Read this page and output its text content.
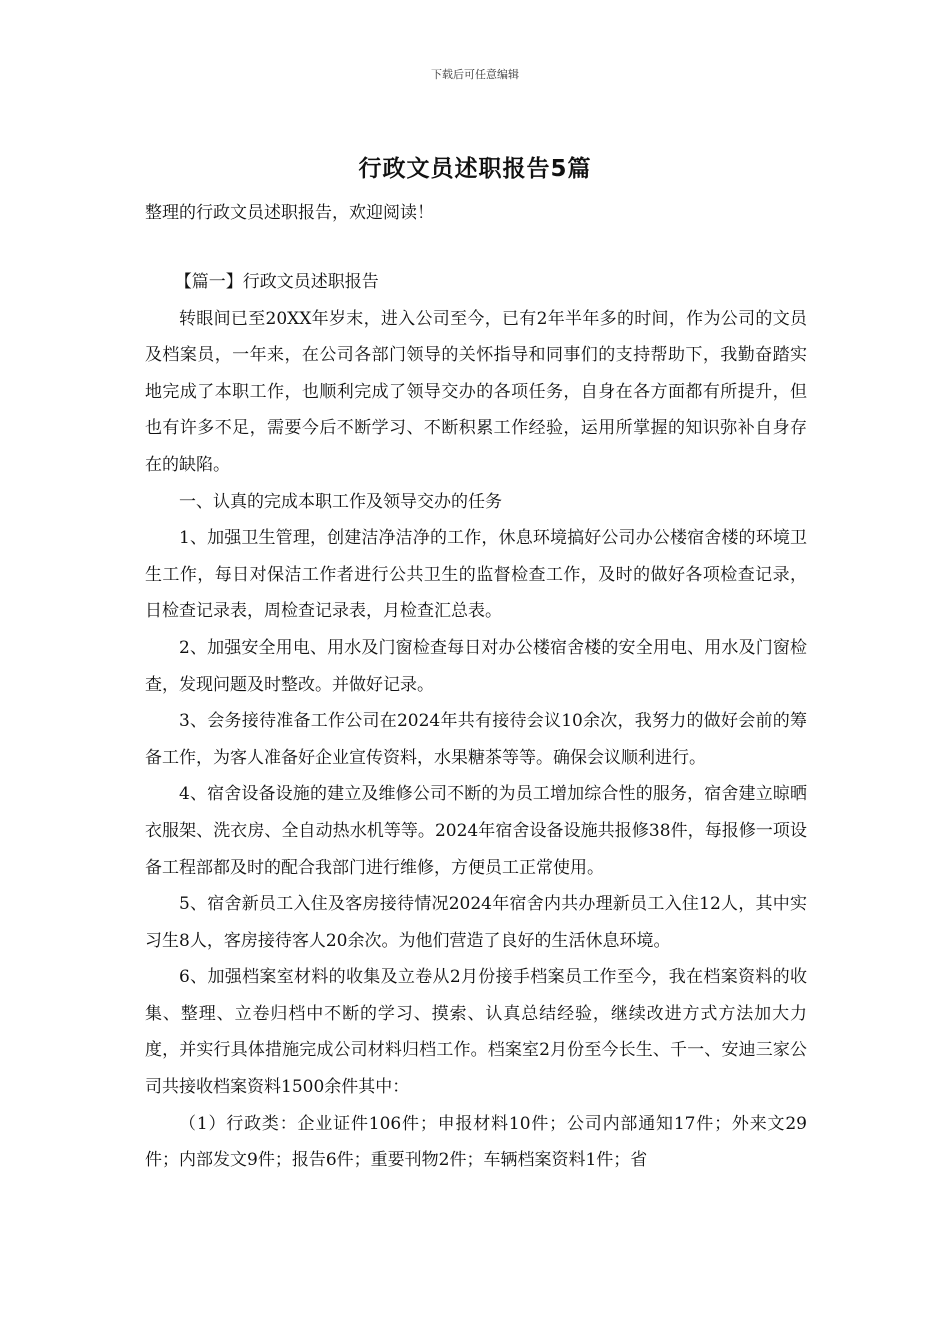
下载后可任意编辑
行政文员述职报告5篇
整理的行政文员述职报告，欢迎阅读！

【篇一】行政文员述职报告

转眼间已至20XX年岁末，进入公司至今，已有2年半年多的时间，作为公司的文员及档案员，一年来，在公司各部门领导的关怀指导和同事们的支持帮助下，我勤奋踏实地完成了本职工作，也顺利完成了领导交办的各项任务，自身在各方面都有所提升，但也有许多不足，需要今后不断学习、不断积累工作经验，运用所掌握的知识弥补自身存在的缺陷。

一、认真的完成本职工作及领导交办的任务

1、加强卫生管理，创建洁净洁净的工作，休息环境搞好公司办公楼宿舍楼的环境卫生工作，每日对保洁工作者进行公共卫生的监督检查工作，及时的做好各项检查记录，日检查记录表，周检查记录表，月检查汇总表。

2、加强安全用电、用水及门窗检查每日对办公楼宿舍楼的安全用电、用水及门窗检查，发现问题及时整改。并做好记录。

3、会务接待准备工作公司在2024年共有接待会议10余次，我努力的做好会前的筹备工作，为客人准备好企业宣传资料，水果糖茶等等。确保会议顺利进行。

4、宿舍设备设施的建立及维修公司不断的为员工增加综合性的服务，宿舍建立晾晒衣服架、洗衣房、全自动热水机等等。2024年宿舍设备设施共报修38件，每报修一项设备工程部都及时的配合我部门进行维修，方便员工正常使用。

5、宿舍新员工入住及客房接待情况2024年宿舍内共办理新员工入住12人，其中实习生8人，客房接待客人20余次。为他们营造了良好的生活休息环境。

6、加强档案室材料的收集及立卷从2月份接手档案员工作至今，我在档案资料的收集、整理、立卷归档中不断的学习、摸索、认真总结经验，继续改进方式方法加大力度，并实行具体措施完成公司材料归档工作。档案室2月份至今长生、千一、安迪三家公司共接收档案资料1500余件其中：

（1）行政类：企业证件106件；申报材料10件；公司内部通知17件；外来文29件；内部发文9件；报告6件；重要刊物2件；车辆档案资料1件；省
